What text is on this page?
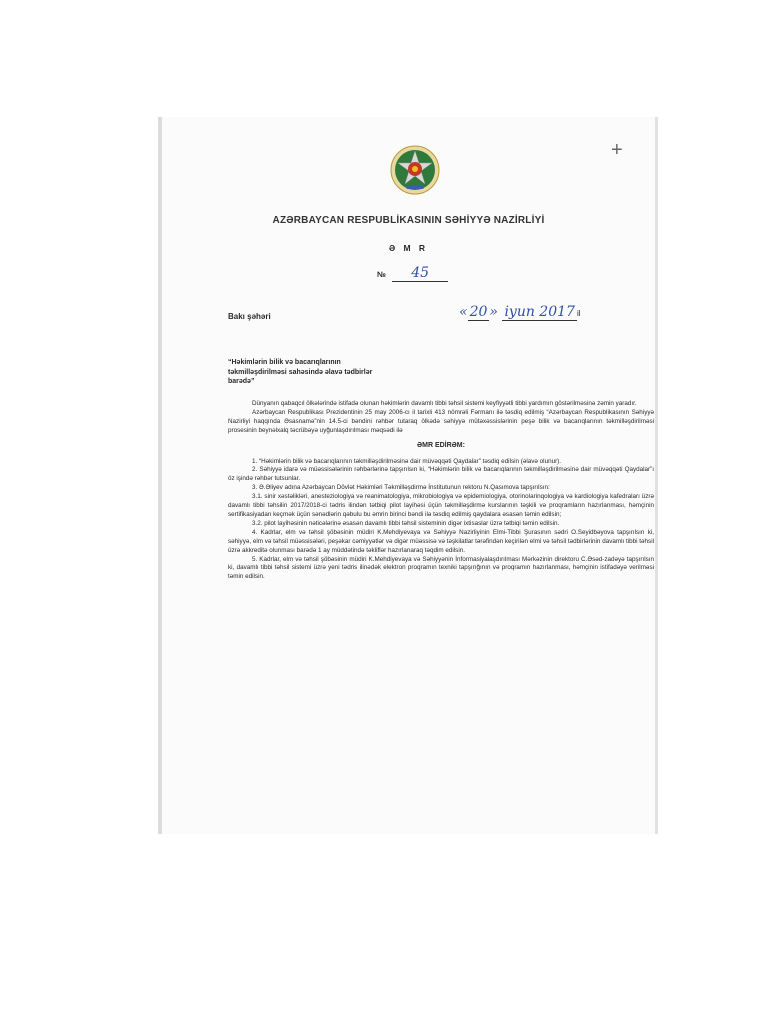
+
AZƏRBAYCAN RESPUBLİKASININ SƏHİYYƏ NAZİRLİYİ
Ə M R
№ 45
Bakı şəhəri	« 20 » iyun 2017 il
“Həkimlərin bilik və bacarıqlarının təkmilləşdirilməsi sahəsində əlavə tədbirlər barədə”

Dünyanın qabaqcıl ölkələrində istifadə olunan həkimlərin davamlı tibbi təhsil sistemi keyfiyyətli tibbi yardımın göstərilməsinə zəmin yaradır.

Azərbaycan Respublikası Prezidentinin 25 may 2006-cı il tarixli 413 nömrəli Fərmanı ilə təsdiq edilmiş “Azərbaycan Respublikasının Səhiyyə Nazirliyi haqqında Əsasnamə”nin 14.5-ci bəndini rəhbər tutaraq ölkədə səhiyyə mütəxəssislərinin peşə bilik və bacarıqlarının təkmilləşdirilməsi prosesinin beynəlxalq təcrübəyə uyğunlaşdırılması məqsədi ilə

ƏMR EDİRƏM:

1. “Həkimlərin bilik və bacarıqlarının təkmilləşdirilməsinə dair müvəqqəti Qaydalar” təsdiq edilsin (əlavə olunur).

2. Səhiyyə idarə və müəssisələrinin rəhbərlərinə tapşırılsın ki, “Həkimlərin bilik və bacarıqlarının təkmilləşdirilməsinə dair müvəqqəti Qaydalar”ı öz işində rəhbər tutsunlar.

3. Ə.Əliyev adına Azərbaycan Dövlət Həkimləri Təkmilləşdirmə İnstitutunun rektoru N.Qasımova tapşırılsın:

3.1. sinir xəstəlikləri, anesteziologiya və reanimatologiya, mikrobiologiya və epidemiologiya, otorinolarinqologiya və kardiologiya kafedraları üzrə davamlı tibbi təhsilin 2017/2018-ci tədris ilindən tətbiqi pilot layihəsi üçün təkmilləşdirmə kurslarının təşkili və proqramların hazırlanması, həmçinin sertifikasiyadan keçmək üçün sənədlərin qəbulu bu əmrin birinci bəndi ilə təsdiq edilmiş qaydalara əsasən təmin edilsin;

3.2. pilot layihəsinin nəticələrinə əsasən davamlı tibbi təhsil sisteminin digər ixtisaslar üzrə tətbiqi təmin edilsin.

4. Kadrlar, elm və təhsil şöbəsinin müdiri K.Mehdiyevaya və Səhiyyə Nazirliyinin Elmi-Tibbi Şurasının sədri O.Seyidbəyova tapşırılsın ki, səhiyyə, elm və təhsil müəssisələri, peşəkar cəmiyyətlər və digər müəssisə və təşkilatlar tərəfindən keçirilən elmi və təhsil tədbirlərinin davamlı tibbi təhsil üzrə akkreditə olunması barədə 1 ay müddətində təkliflər hazırlanaraq təqdim edilsin.

5. Kadrlar, elm və təhsil şöbəsinin müdiri K.Mehdiyevaya və Səhiyyənin İnformasiyalaşdırılması Mərkəzinin direktoru C.Əsəd-zadəyə tapşırılsın ki, davamlı tibbi təhsil sistemi üzrə yeni tədris ilinədək elektron proqramın texniki tapşırığının və proqramın hazırlanması, həmçinin istifadəyə verilməsi təmin edilsin.
